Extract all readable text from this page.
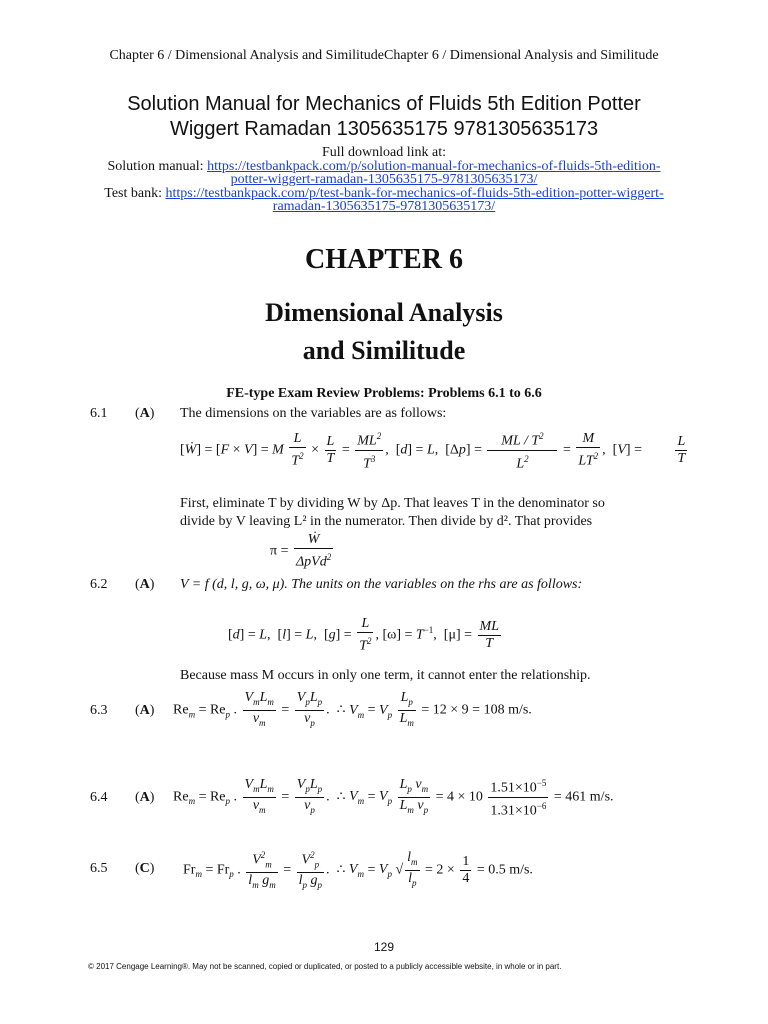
Chapter 6 / Dimensional Analysis and SimilitudeChapter 6 / Dimensional Analysis and Similitude
Solution Manual for Mechanics of Fluids 5th Edition Potter
Wiggert Ramadan 1305635175 9781305635173
Full download link at:
Solution manual: https://testbankpack.com/p/solution-manual-for-mechanics-of-fluids-5th-edition-
potter-wiggert-ramadan-1305635175-9781305635173/
Test bank: https://testbankpack.com/p/test-bank-for-mechanics-of-fluids-5th-edition-potter-wiggert-
ramadan-1305635175-9781305635173/
CHAPTER 6
Dimensional Analysis
and Similitude
FE-type Exam Review Problems: Problems 6.1 to 6.6
6.1 (A) The dimensions on the variables are as follows:
[Ẇ] = [F × V] = M $\frac{L}{T^2} \times \frac{L}{T} = \frac{ML^2}{T^3}$ ,  [d] = L,  $[\Delta p] = \frac{ML / T^2}{L^2} = \frac{M}{LT^2}$ ,  $[V] = \frac{L}{T}$
First, eliminate T by dividing W by Δp. That leaves T in the denominator so
divide by V leaving L² in the numerator. Then divide by d². That provides
$\pi = \frac{Ẇ}{\Delta pVd^2}$
6.2 (A) V = f (d, l, g, ω, μ). The units on the variables on the rhs are as follows:
[d] = L,  [l] = L,  $[g] = \frac{L}{T^2}$ , $[\omega] = T^{-1}$,  $[\mu] = \frac{ML}{T}$
Because mass M occurs in only one term, it cannot enter the relationship.
6.3 (A) $Re_m = Re_p$ . $\frac{V_mL_m}{\nu_m} = \frac{V_pL_p}{\nu_p}$ .  ∴ $V_m = V_p \frac{L_p}{L_m} = 12 \times 9 = 108$ m/s.
6.4 (A) $Re_m = Re_p$ . $\frac{V_mL_m}{\nu_m} = \frac{V_pL_p}{\nu_p}$ .  ∴ $V_m = V_p \frac{L_p \nu_m}{L_m \nu_p} = 4 \times 10 \frac{1.51\times 10^{-5}}{1.31\times 10^{-6}} = 461$ m/s.
6.5 (C) $Fr_m = Fr_p$ . $\frac{V^2_m}{l_m g_m} = \frac{V^2_p}{l_p g_p}$ .  ∴ $V_m = V_p$ √ $\frac{l_m}{l_p} = 2 \times \frac{1}{4} = 0.5$ m/s.
129
© 2017 Cengage Learning®. May not be scanned, copied or duplicated, or posted to a publicly accessible website, in whole or in part.
